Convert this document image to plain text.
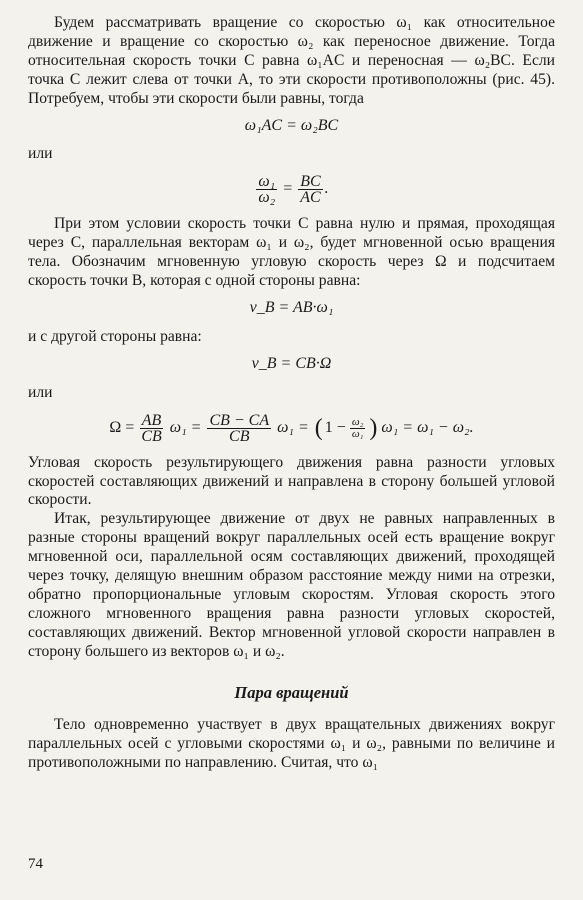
Будем рассматривать вращение со скоростью ω₁ как относительное движение и вращение со скоростью ω₂ как переносное движение. Тогда относительная скорость точки C равна ω₁AC и переносная — ω₂BC. Если точка C лежит слева от точки A, то эти скорости противоположны (рис. 45). Потребуем, чтобы эти скорости были равны, тогда

ω₁AC = ω₂BC

или

$\frac{\text{ω₁}}{\text{ω₂}} = \frac{BC}{AC}$ .

При этом условии скорость точки C равна нулю и прямая, проходящая через C, параллельная векторам ω₁ и ω₂, будет мгновенной осью вращения тела. Обозначим мгновенную угловую скорость через Ω и подсчитаем скорость точки B, которая с одной стороны равна:

v_B = AB·ω₁

и с другой стороны равна:

v_B = CB·Ω

или

$\Omega = \frac{AB}{CB} \omega_1 = \frac{CB - CA}{CB} \omega_1$ = ( $1 - \frac{\text{ω₂}}{\text{ω₁}}$ ) ω₁ = ω₁ − ω₂.

Угловая скорость результирующего движения равна разности угловых скоростей составляющих движений и направлена в сторону большей угловой скорости.

Итак, результирующее движение от двух не равных направленных в разные стороны вращений вокруг параллельных осей есть вращение вокруг мгновенной оси, параллельной осям составляющих движений, проходящей через точку, делящую внешним образом расстояние между ними на отрезки, обратно пропорциональные угловым скоростям. Угловая скорость этого сложного мгновенного вращения равна разности угловых скоростей, составляющих движений. Вектор мгновенной угловой скорости направлен в сторону большего из векторов ω₁ и ω₂.

Пара вращений

Тело одновременно участвует в двух вращательных движениях вокруг параллельных осей с угловыми скоростями ω₁ и ω₂, равными по величине и противоположными по направлению. Считая, что ω₁

74
